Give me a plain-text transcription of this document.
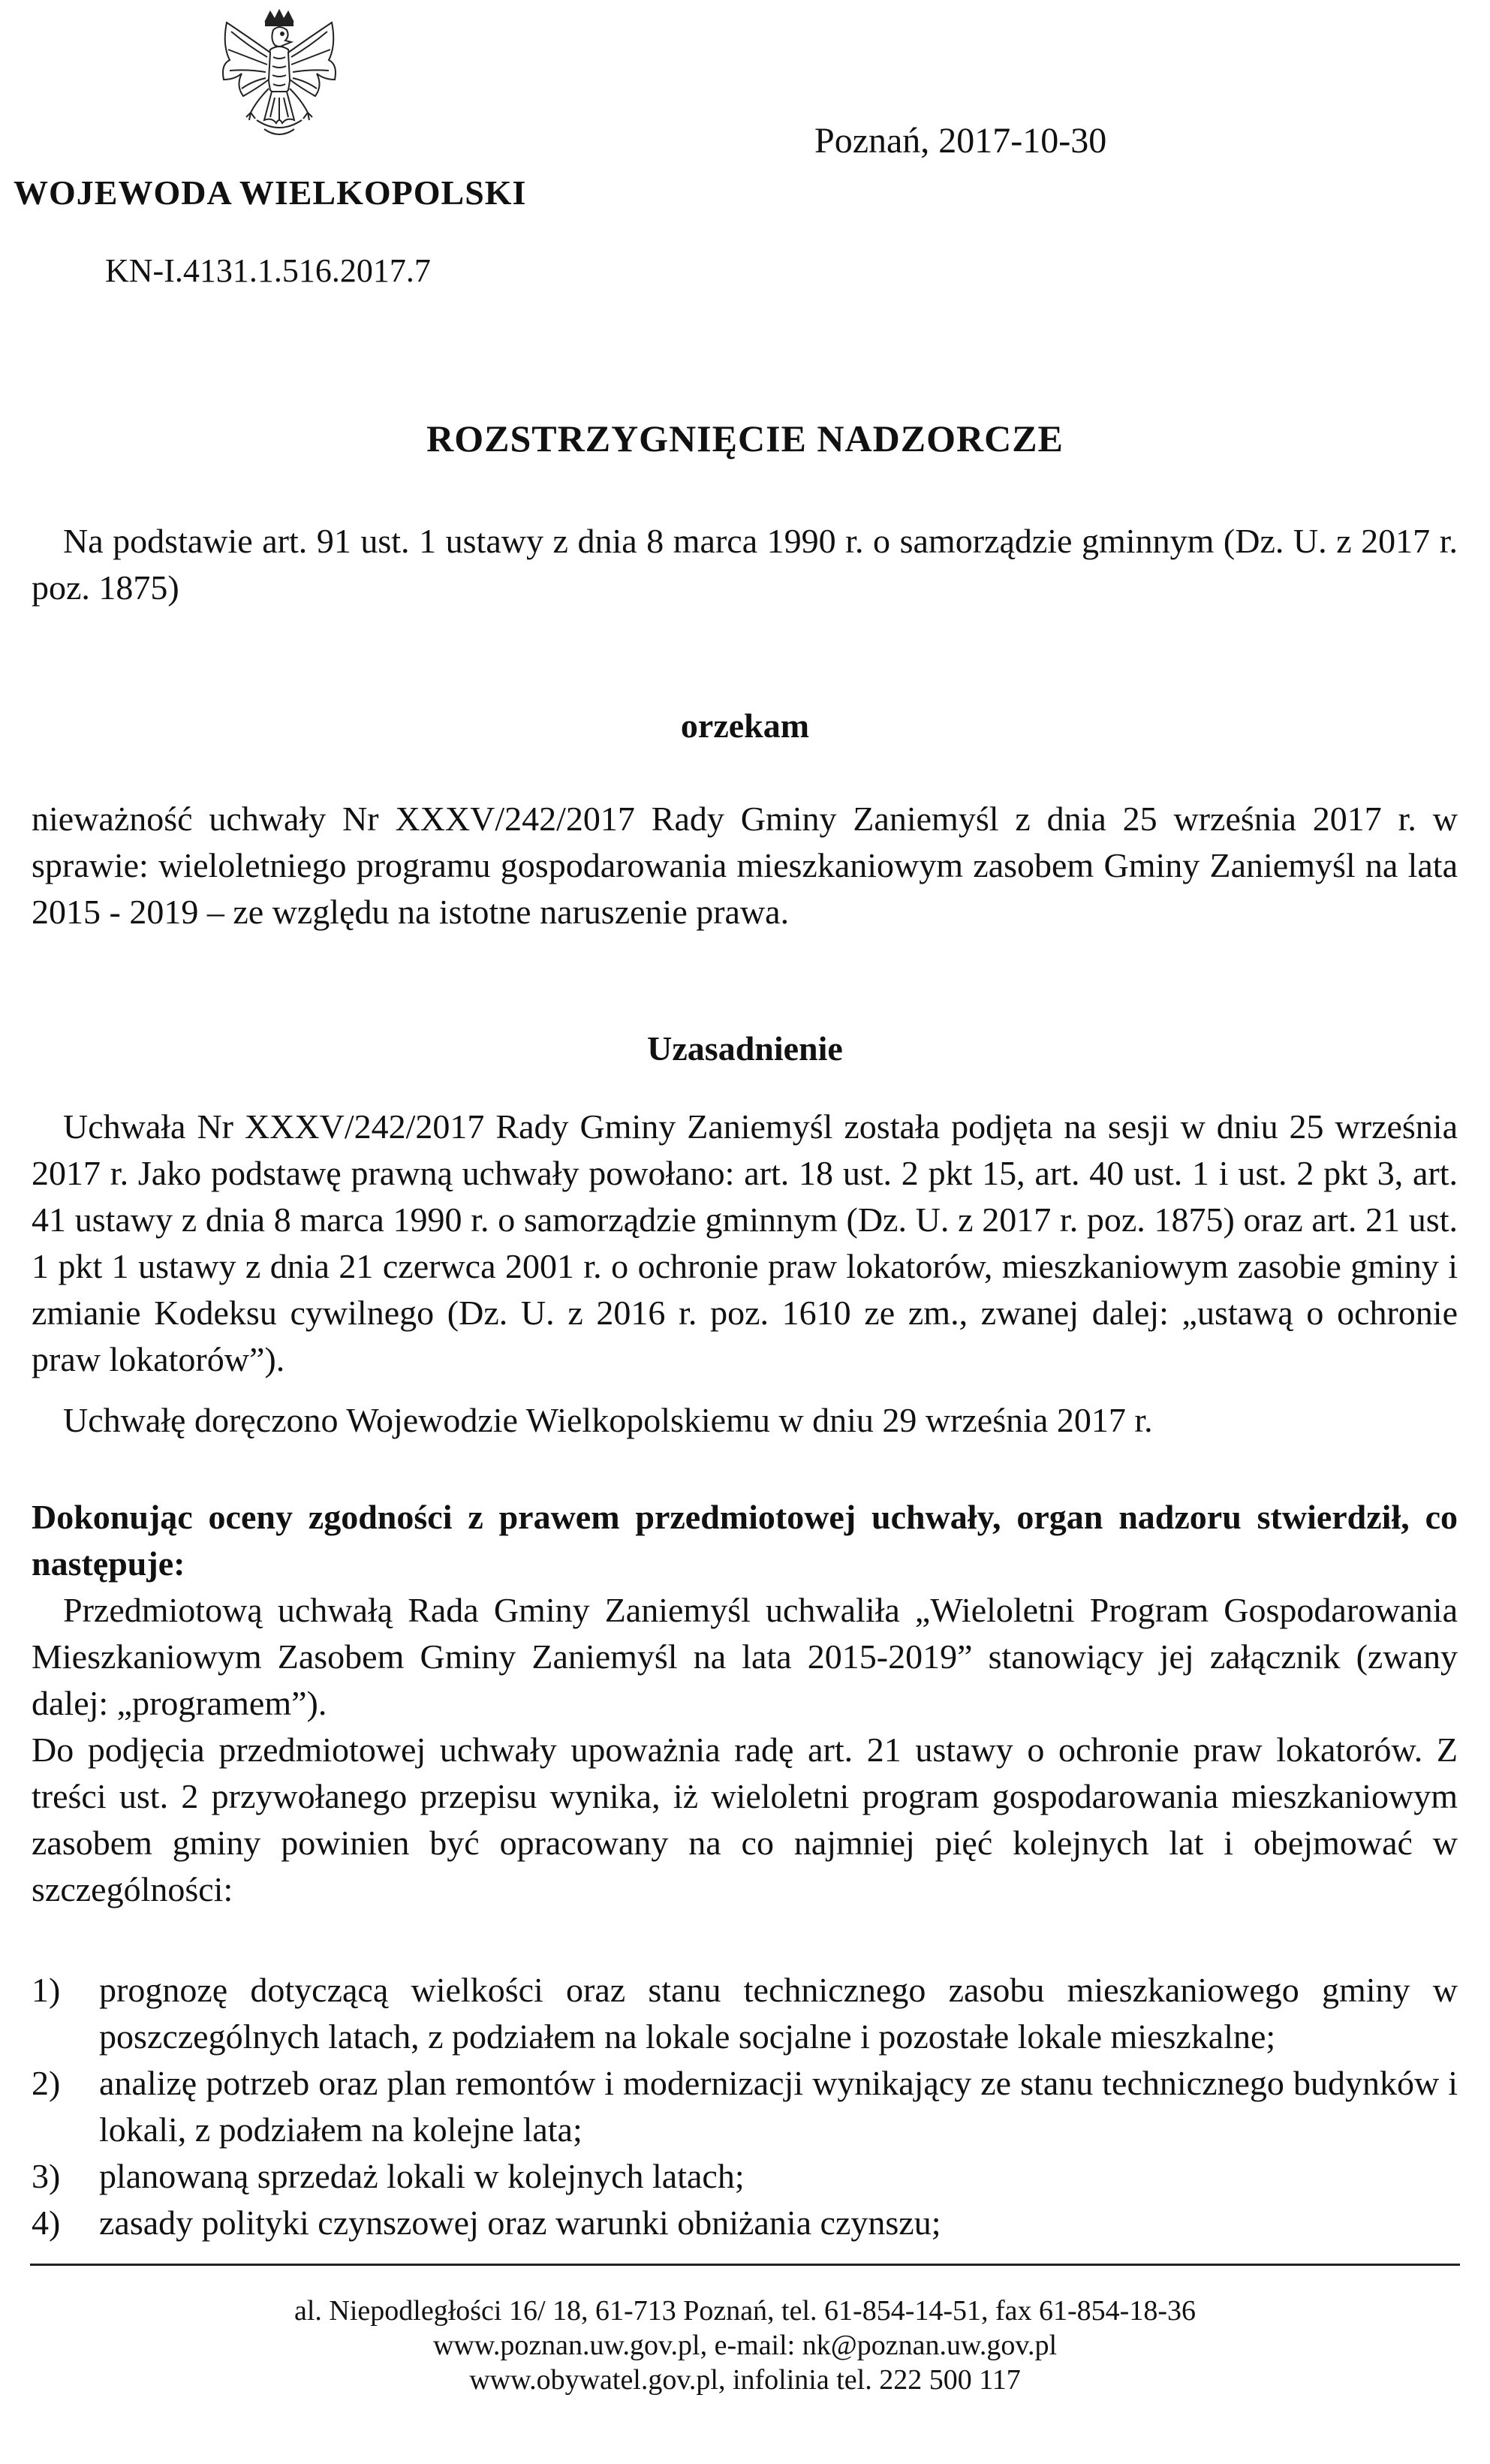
WOJEWODA WIELKOPOLSKI
Poznań, 2017-10-30
KN-I.4131.1.516.2017.7
ROZSTRZYGNIĘCIE NADZORCZE
Na podstawie art. 91 ust. 1 ustawy z dnia 8 marca 1990 r. o samorządzie gminnym (Dz. U. z 2017 r. poz. 1875)
orzekam
nieważność uchwały Nr XXXV/242/2017 Rady Gminy Zaniemyśl z dnia 25 września 2017 r. w sprawie: wieloletniego programu gospodarowania mieszkaniowym zasobem Gminy Zaniemyśl na lata 2015 - 2019 – ze względu na istotne naruszenie prawa.
Uzasadnienie
Uchwała Nr XXXV/242/2017 Rady Gminy Zaniemyśl została podjęta na sesji w dniu 25 września 2017 r. Jako podstawę prawną uchwały powołano: art. 18 ust. 2 pkt 15, art. 40 ust. 1 i ust. 2 pkt 3, art. 41 ustawy z dnia 8 marca 1990 r. o samorządzie gminnym (Dz. U. z 2017 r. poz. 1875) oraz art. 21 ust. 1 pkt 1 ustawy z dnia 21 czerwca 2001 r. o ochronie praw lokatorów, mieszkaniowym zasobie gminy i zmianie Kodeksu cywilnego (Dz. U. z 2016 r. poz. 1610 ze zm., zwanej dalej: „ustawą o ochronie praw lokatorów”).
Uchwałę doręczono Wojewodzie Wielkopolskiemu w dniu 29 września 2017 r.

Dokonując oceny zgodności z prawem przedmiotowej uchwały, organ nadzoru stwierdził, co następuje:

Przedmiotową uchwałą Rada Gminy Zaniemyśl uchwaliła „Wieloletni Program Gospodarowania Mieszkaniowym Zasobem Gminy Zaniemyśl na lata 2015-2019” stanowiący jej załącznik (zwany dalej: „programem”).

Do podjęcia przedmiotowej uchwały upoważnia radę art. 21 ustawy o ochronie praw lokatorów. Z treści ust. 2 przywołanego przepisu wynika, iż wieloletni program gospodarowania mieszkaniowym zasobem gminy powinien być opracowany na co najmniej pięć kolejnych lat i obejmować w szczególności:

1)	prognozę dotyczącą wielkości oraz stanu technicznego zasobu mieszkaniowego gminy w poszczególnych latach, z podziałem na lokale socjalne i pozostałe lokale mieszkalne;
2)	analizę potrzeb oraz plan remontów i modernizacji wynikający ze stanu technicznego budynków i lokali, z podziałem na kolejne lata;
3)	planowaną sprzedaż lokali w kolejnych latach;
4)	zasady polityki czynszowej oraz warunki obniżania czynszu;
al. Niepodległości 16/ 18, 61-713 Poznań, tel. 61-854-14-51, fax 61-854-18-36
www.poznan.uw.gov.pl, e-mail: nk@poznan.uw.gov.pl
www.obywatel.gov.pl, infolinia tel. 222 500 117
